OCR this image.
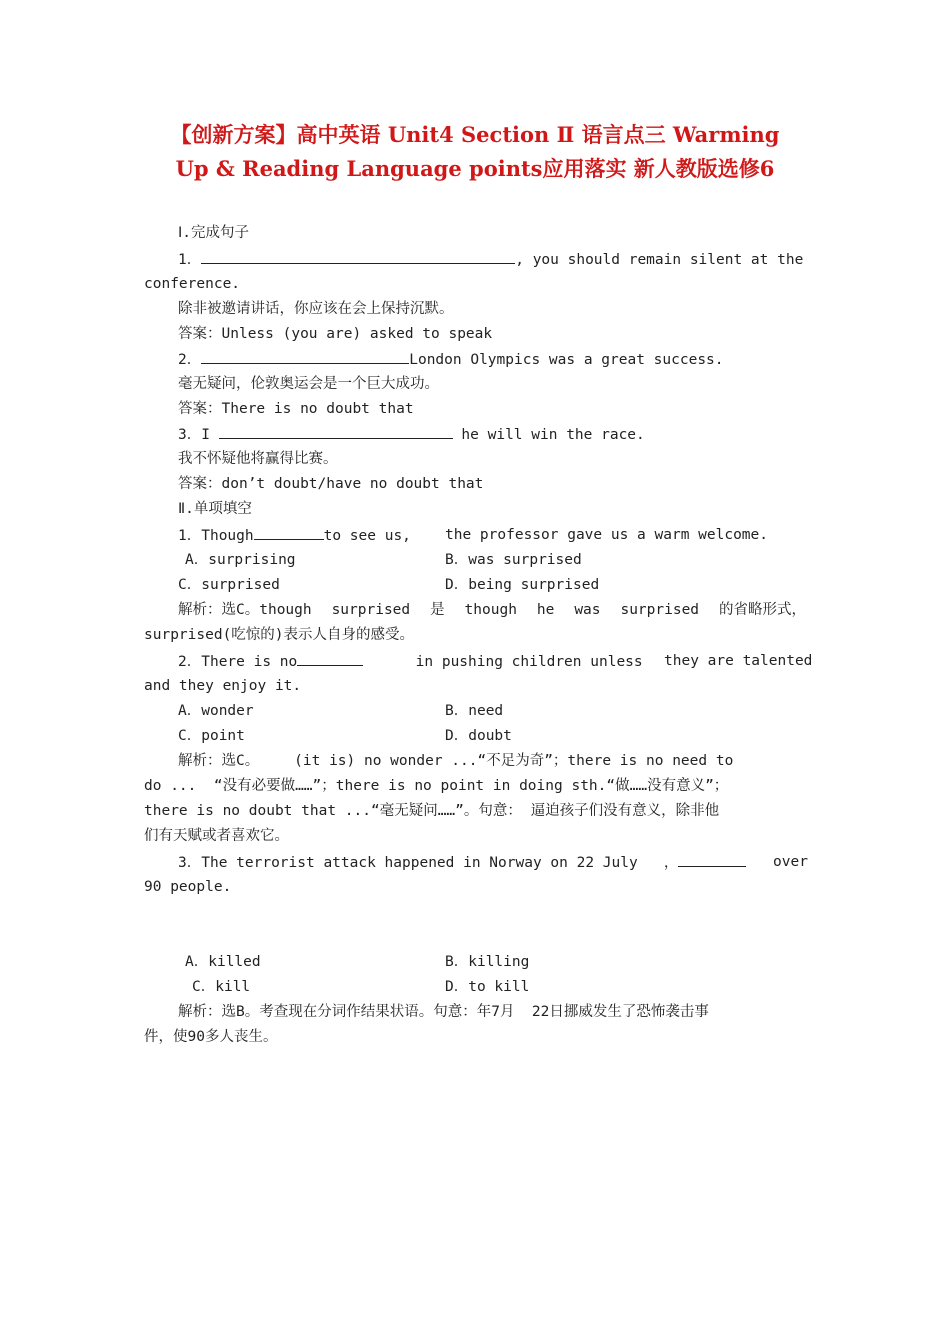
【创新方案】高中英语 Unit4 Section Ⅱ 语言点三 Warming
Up & Reading Language points应用落实 新人教版选修6
Ⅰ.完成句子
1．	, you should remain silent at the
conference.
除非被邀请讲话，你应该在会上保持沉默。
答案：Unless (you are) asked to speak
2．	London Olympics was a great success.
毫无疑问，伦敦奥运会是一个巨大成功。
答案：There is no doubt that
3．I	he will win the race.
我不怀疑他将赢得比赛。
答案：don’t doubt/have no doubt that
Ⅱ.单项填空
1．Though	to see us, the professor gave us a warm welcome.
A．surprising	B．was surprised
C．surprised	D．being surprised
解析：选C。though surprised 是 though he was surprised 的省略形式，
surprised(吃惊的)表示人自身的感受。
2．There is no	in pushing children unless they are talented
and they enjoy it.
A．wonder	B．need
C．point	D．doubt
解析：选C。    (it is) no wonder ...“不足为奇”；there is no need to
do ...  “没有必要做……”；there is no point in doing sth.“做……没有意义”；
there is no doubt that ...“毫无疑问……”。句意： 逼迫孩子们没有意义，除非他
们有天赋或者喜欢它。
3．The terrorist attack happened in Norway on 22 July ，	over
90 people.
A．killed	B．killing
C．kill	D．to kill
解析：选B。考查现在分词作结果状语。句意：年7月  22日挪威发生了恐怖袭击事
件，使90多人丧生。
